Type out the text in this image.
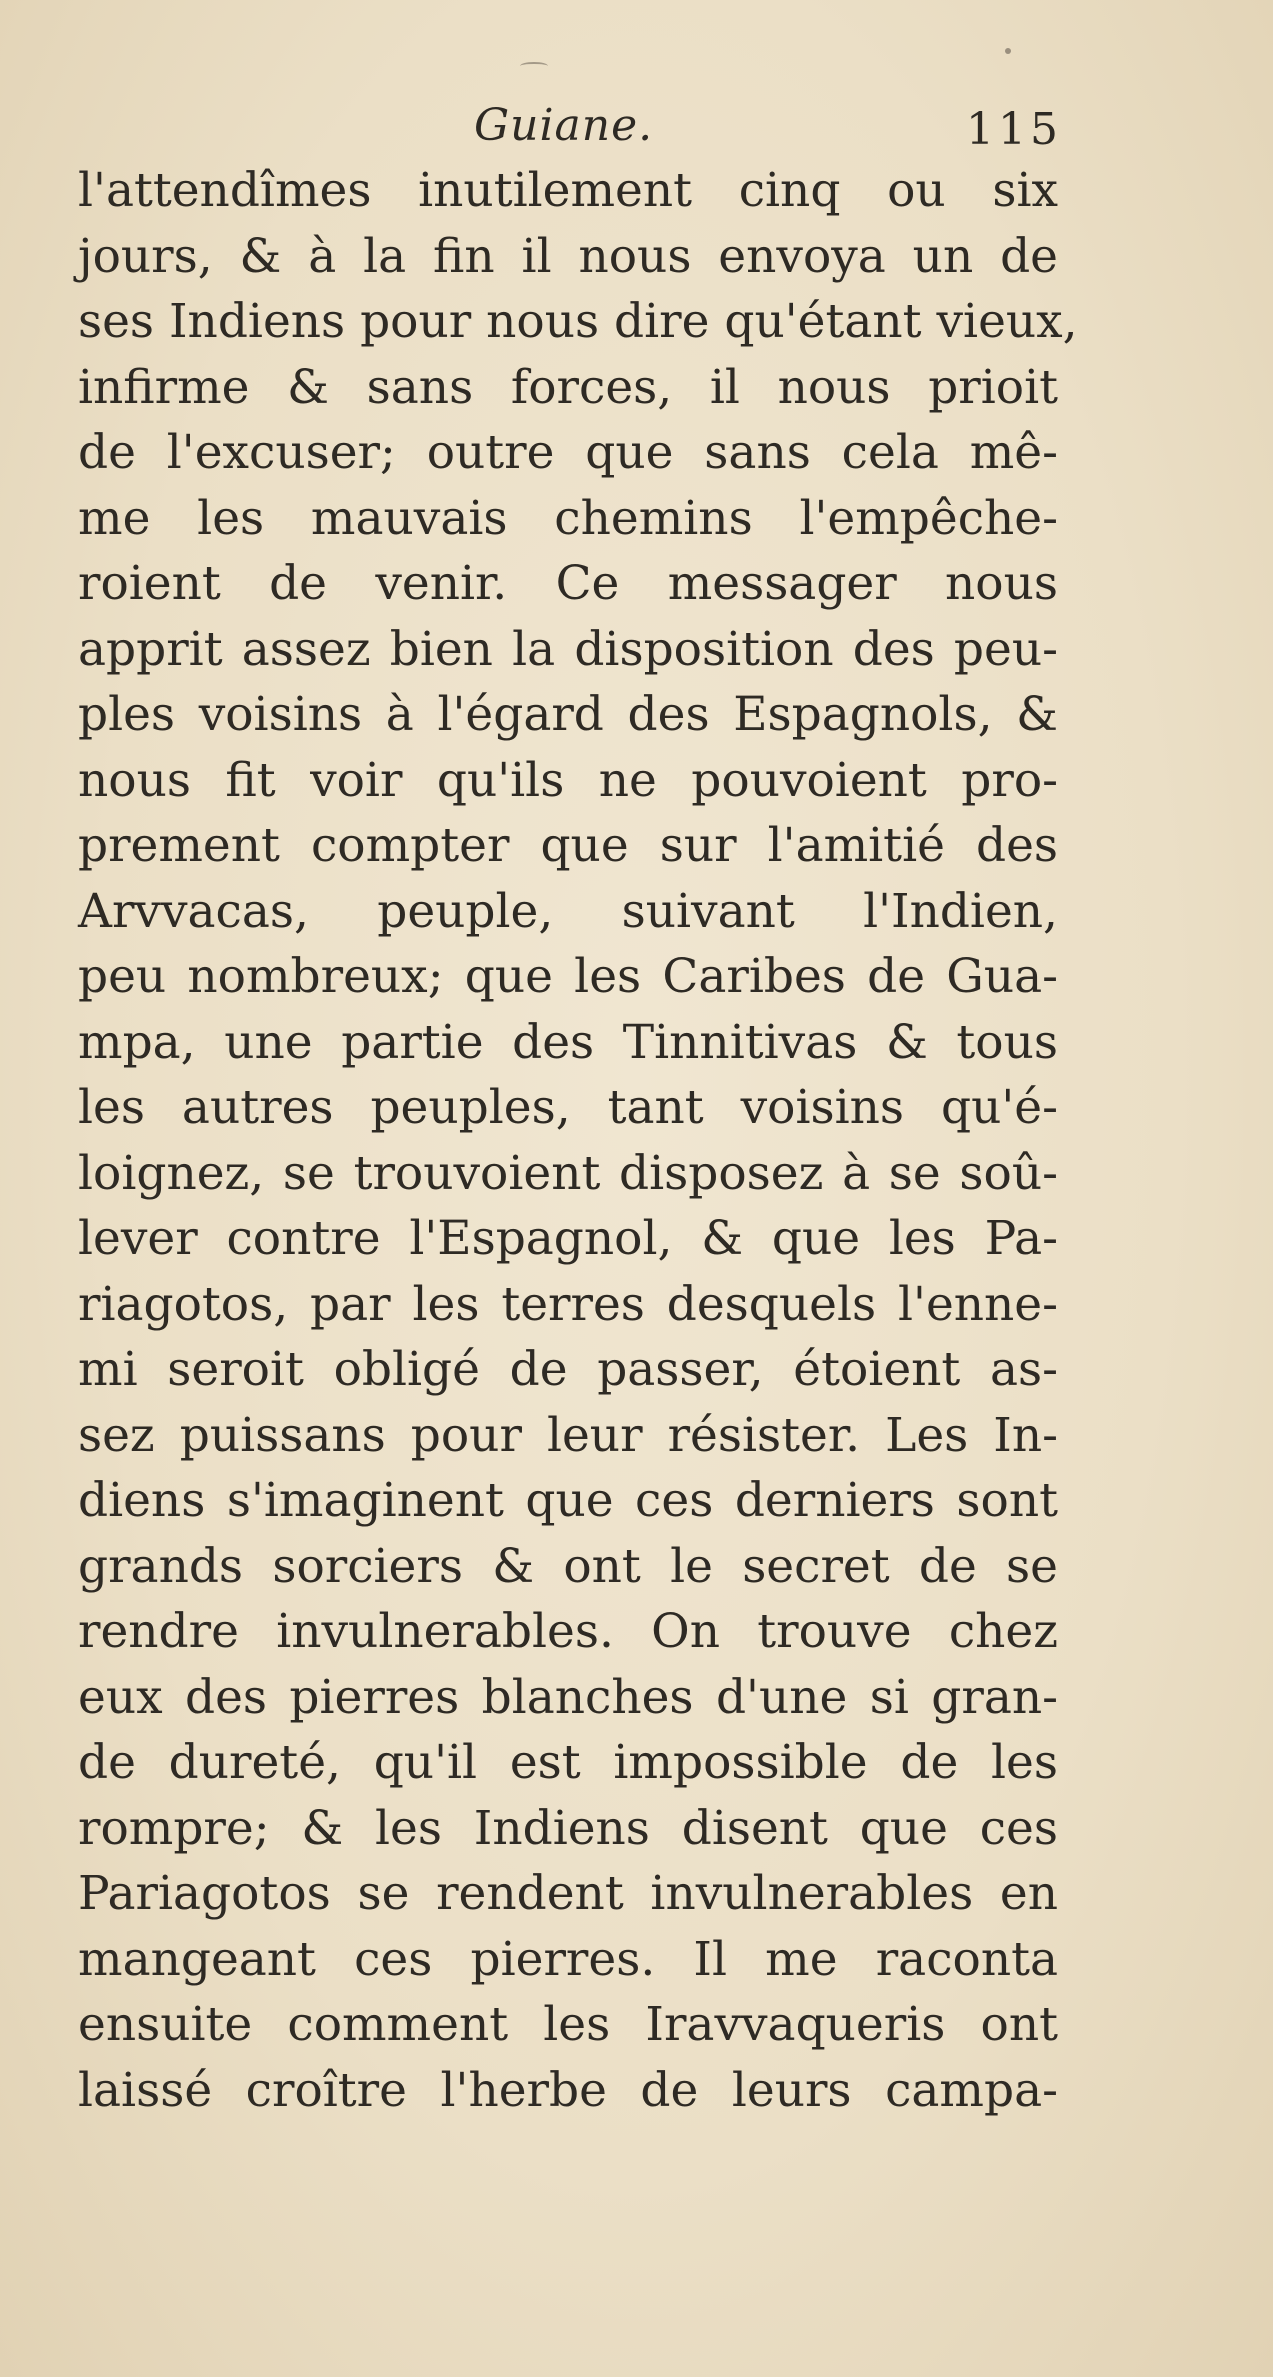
Guiane.	115
l'attendîmes inutilement cinq ou six
jours, & à la fin il nous envoya un de
ses Indiens pour nous dire qu'étant vieux,
infirme & sans forces, il nous prioit
de l'excuser; outre que sans cela mê-
me les mauvais chemins l'empêche-
roient de venir. Ce messager nous
apprit assez bien la disposition des peu-
ples voisins à l'égard des Espagnols, &
nous fit voir qu'ils ne pouvoient pro-
prement compter que sur l'amitié des
Arvvacas, peuple, suivant l'Indien,
peu nombreux; que les Caribes de Gua-
mpa, une partie des Tinnitivas & tous
les autres peuples, tant voisins qu'é-
loignez, se trouvoient disposez à se soû-
lever contre l'Espagnol, & que les Pa-
riagotos, par les terres desquels l'enne-
mi seroit obligé de passer, étoient as-
sez puissans pour leur résister. Les In-
diens s'imaginent que ces derniers sont
grands sorciers & ont le secret de se
rendre invulnerables. On trouve chez
eux des pierres blanches d'une si gran-
de dureté, qu'il est impossible de les
rompre; & les Indiens disent que ces
Pariagotos se rendent invulnerables en
mangeant ces pierres. Il me raconta
ensuite comment les Iravvaqueris ont
laissé croître l'herbe de leurs campa-
